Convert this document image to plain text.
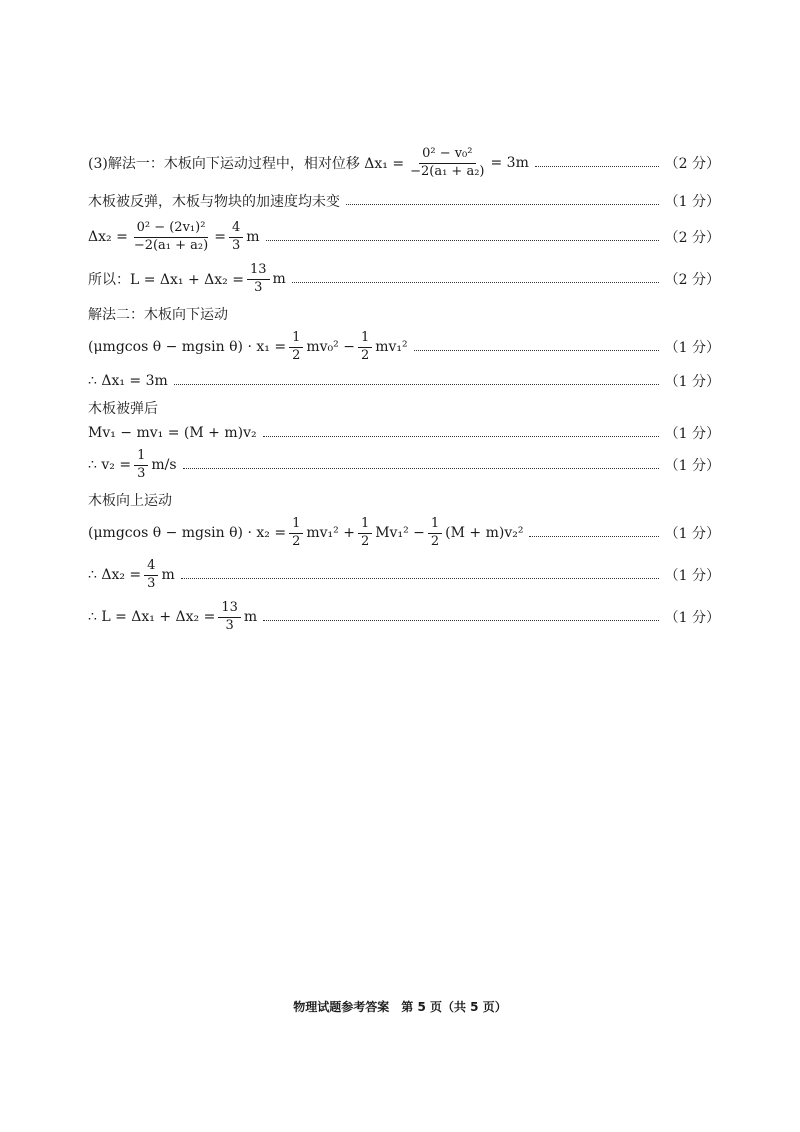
(3)解法一：木板向下运动过程中，相对位移 $\Delta x_1 = \frac{\text{0² − v₀²}}{\text{−2(a₁ + a₂)}} = 3m$	（2 分）
木板被反弹，木板与物块的加速度均未变	（1 分）
$\Delta x_2 = \frac{\text{0² − (2v₁)²}}{\text{−2(a₁ + a₂)}} = \frac{4}{3}$ m	（2 分）
所以：$L = \Delta x_1 + \Delta x_2 = \frac{13}{3}$ m	（2 分）
解法二：木板向下运动
(μmgcos θ − mgsin $\theta) \cdot x_1 = \frac{1}{2} mv_0^2 - \frac{1}{2} mv_1^2$	（1 分）
∴ Δx₁ = 3m	（1 分）
木板被弹后
Mv₁ − mv₁ = (M + m)v₂	（1 分）
∴ $v_2 = \frac{1}{3} m/s$	（1 分）
木板向上运动
(μmgcos θ − mgsin $\theta) \cdot x_2 = \frac{1}{2} mv_1^2 + \frac{1}{2} Mv_1^2 - \frac{1}{2} (M + m)v_2^2$	（1 分）
∴ $\Delta x_2 = \frac{4}{3}$ m	（1 分）
∴ $L = \Delta x_1 + \Delta x_2 = \frac{13}{3}$ m	（1 分）
物理试题参考答案　第 5 页（共 5 页）
